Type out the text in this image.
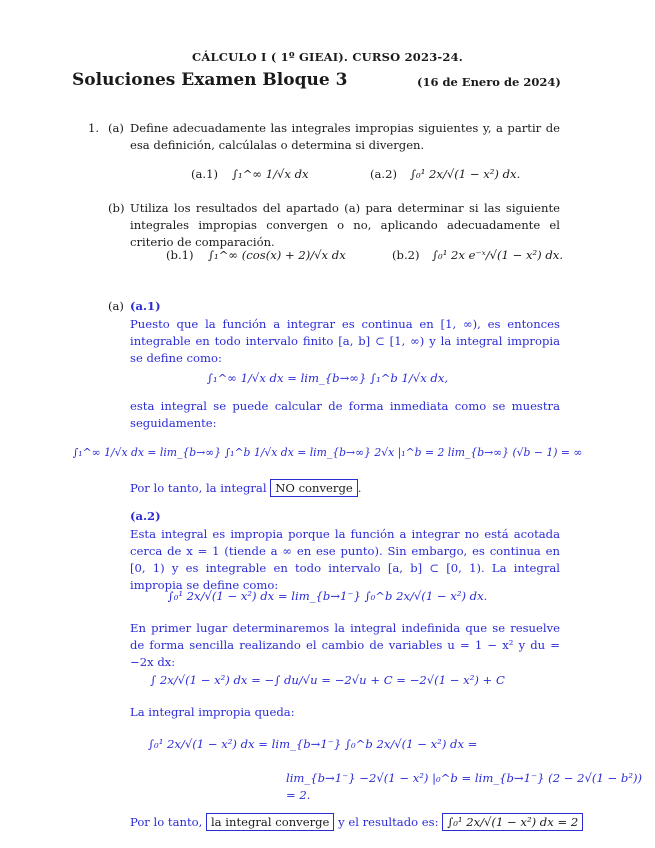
CÁLCULO I ( 1º GIEAI). CURSO 2023-24.
Soluciones Examen Bloque 3	(16 de Enero de 2024)
1. (a) Define adecuadamente las integrales impropias siguientes y, a partir de esa definición, calcúlalas o determina si divergen.
(a.1) ∫₁^∞ 1/√x dx	(a.2) ∫₀¹ 2x/√(1 − x²) dx.
(b) Utiliza los resultados del apartado (a) para determinar si las siguiente integrales impropias convergen o no, aplicando adecuadamente el criterio de comparación.
(b.1) ∫₁^∞ (cos(x) + 2)/√x dx	(b.2) ∫₀¹ 2x e⁻ˣ/√(1 − x²) dx.
(a) (a.1)
Puesto que la función a integrar es continua en [1, ∞), es entonces integrable en todo intervalo finito [a, b] ⊂ [1, ∞) y la integral impropia se define como:
∫₁^∞ 1/√x dx = lim_{b→∞} ∫₁^b 1/√x dx,
esta integral se puede calcular de forma inmediata como se muestra seguidamente:
∫₁^∞ 1/√x dx = lim_{b→∞} ∫₁^b 1/√x dx = lim_{b→∞} 2√x |₁^b = 2 lim_{b→∞} (√b − 1) = ∞
Por lo tanto, la integral NO converge .
(a.2)
Esta integral es impropia porque la función a integrar no está acotada cerca de x = 1 (tiende a ∞ en ese punto). Sin embargo, es continua en [0, 1) y es integrable en todo intervalo [a, b] ⊂ [0, 1). La integral impropia se define como:
∫₀¹ 2x/√(1 − x²) dx = lim_{b→1⁻} ∫₀^b 2x/√(1 − x²) dx.
En primer lugar determinaremos la integral indefinida que se resuelve de forma sencilla realizando el cambio de variables u = 1 − x² y du = −2x dx:
∫ 2x/√(1 − x²) dx = −∫ du/√u = −2√u + C = −2√(1 − x²) + C
La integral impropia queda:
∫₀¹ 2x/√(1 − x²) dx = lim_{b→1⁻} ∫₀^b 2x/√(1 − x²) dx =
lim_{b→1⁻} −2√(1 − x²) |₀^b = lim_{b→1⁻} (2 − 2√(1 − b²)) = 2.
Por lo tanto, la integral converge y el resultado es: ∫₀¹ 2x/√(1 − x²) dx = 2
